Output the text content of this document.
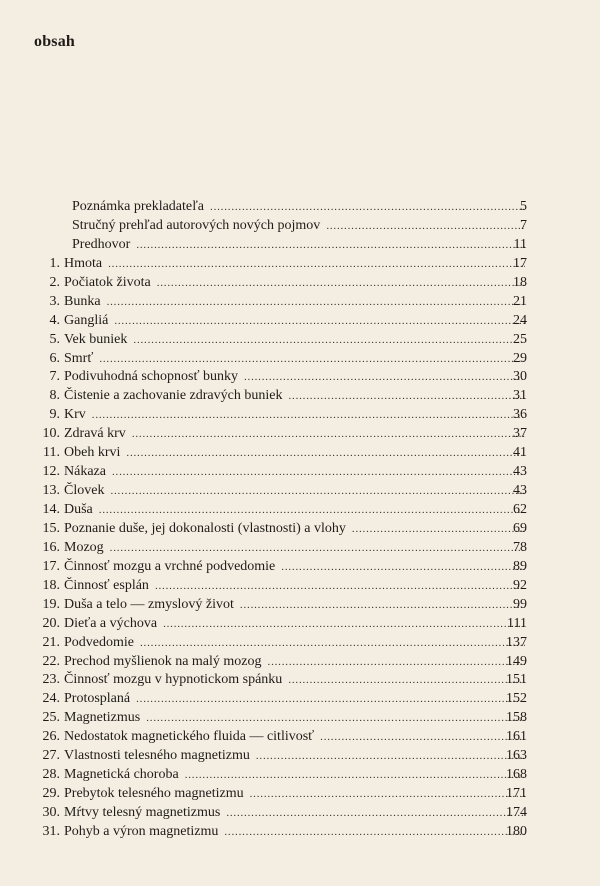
obsah
Poznámka prekladateľa .....	5
Stručný prehľad autorových nových pojmov .....	7
Predhovor .....	11
1. Hmota .....	17
2. Počiatok života .....	18
3. Bunka .....	21
4. Gangliá .....	24
5. Vek buniek .....	25
6. Smrť .....	29
7. Podivuhodná schopnosť bunky .....	30
8. Čistenie a zachovanie zdravých buniek .....	31
9. Krv .....	36
10. Zdravá krv .....	37
11. Obeh krvi .....	41
12. Nákaza .....	43
13. Človek .....	43
14. Duša .....	62
15. Poznanie duše, jej dokonalosti (vlastnosti) a vlohy .....	69
16. Mozog .....	78
17. Činnosť mozgu a vrchné podvedomie .....	89
18. Činnosť esplán .....	92
19. Duša a telo — zmyslový život .....	99
20. Dieťa a výchova .....	111
21. Podvedomie .....	137
22. Prechod myšlienok na malý mozog .....	149
23. Činnosť mozgu v hypnotickom spánku .....	151
24. Protosplaná .....	152
25. Magnetizmus .....	158
26. Nedostatok magnetického fluida — citlivosť .....	161
27. Vlastnosti telesného magnetizmu .....	163
28. Magnetická choroba .....	168
29. Prebytok telesného magnetizmu .....	171
30. Mŕtvy telesný magnetizmus .....	174
31. Pohyb a výron magnetizmu .....	180
